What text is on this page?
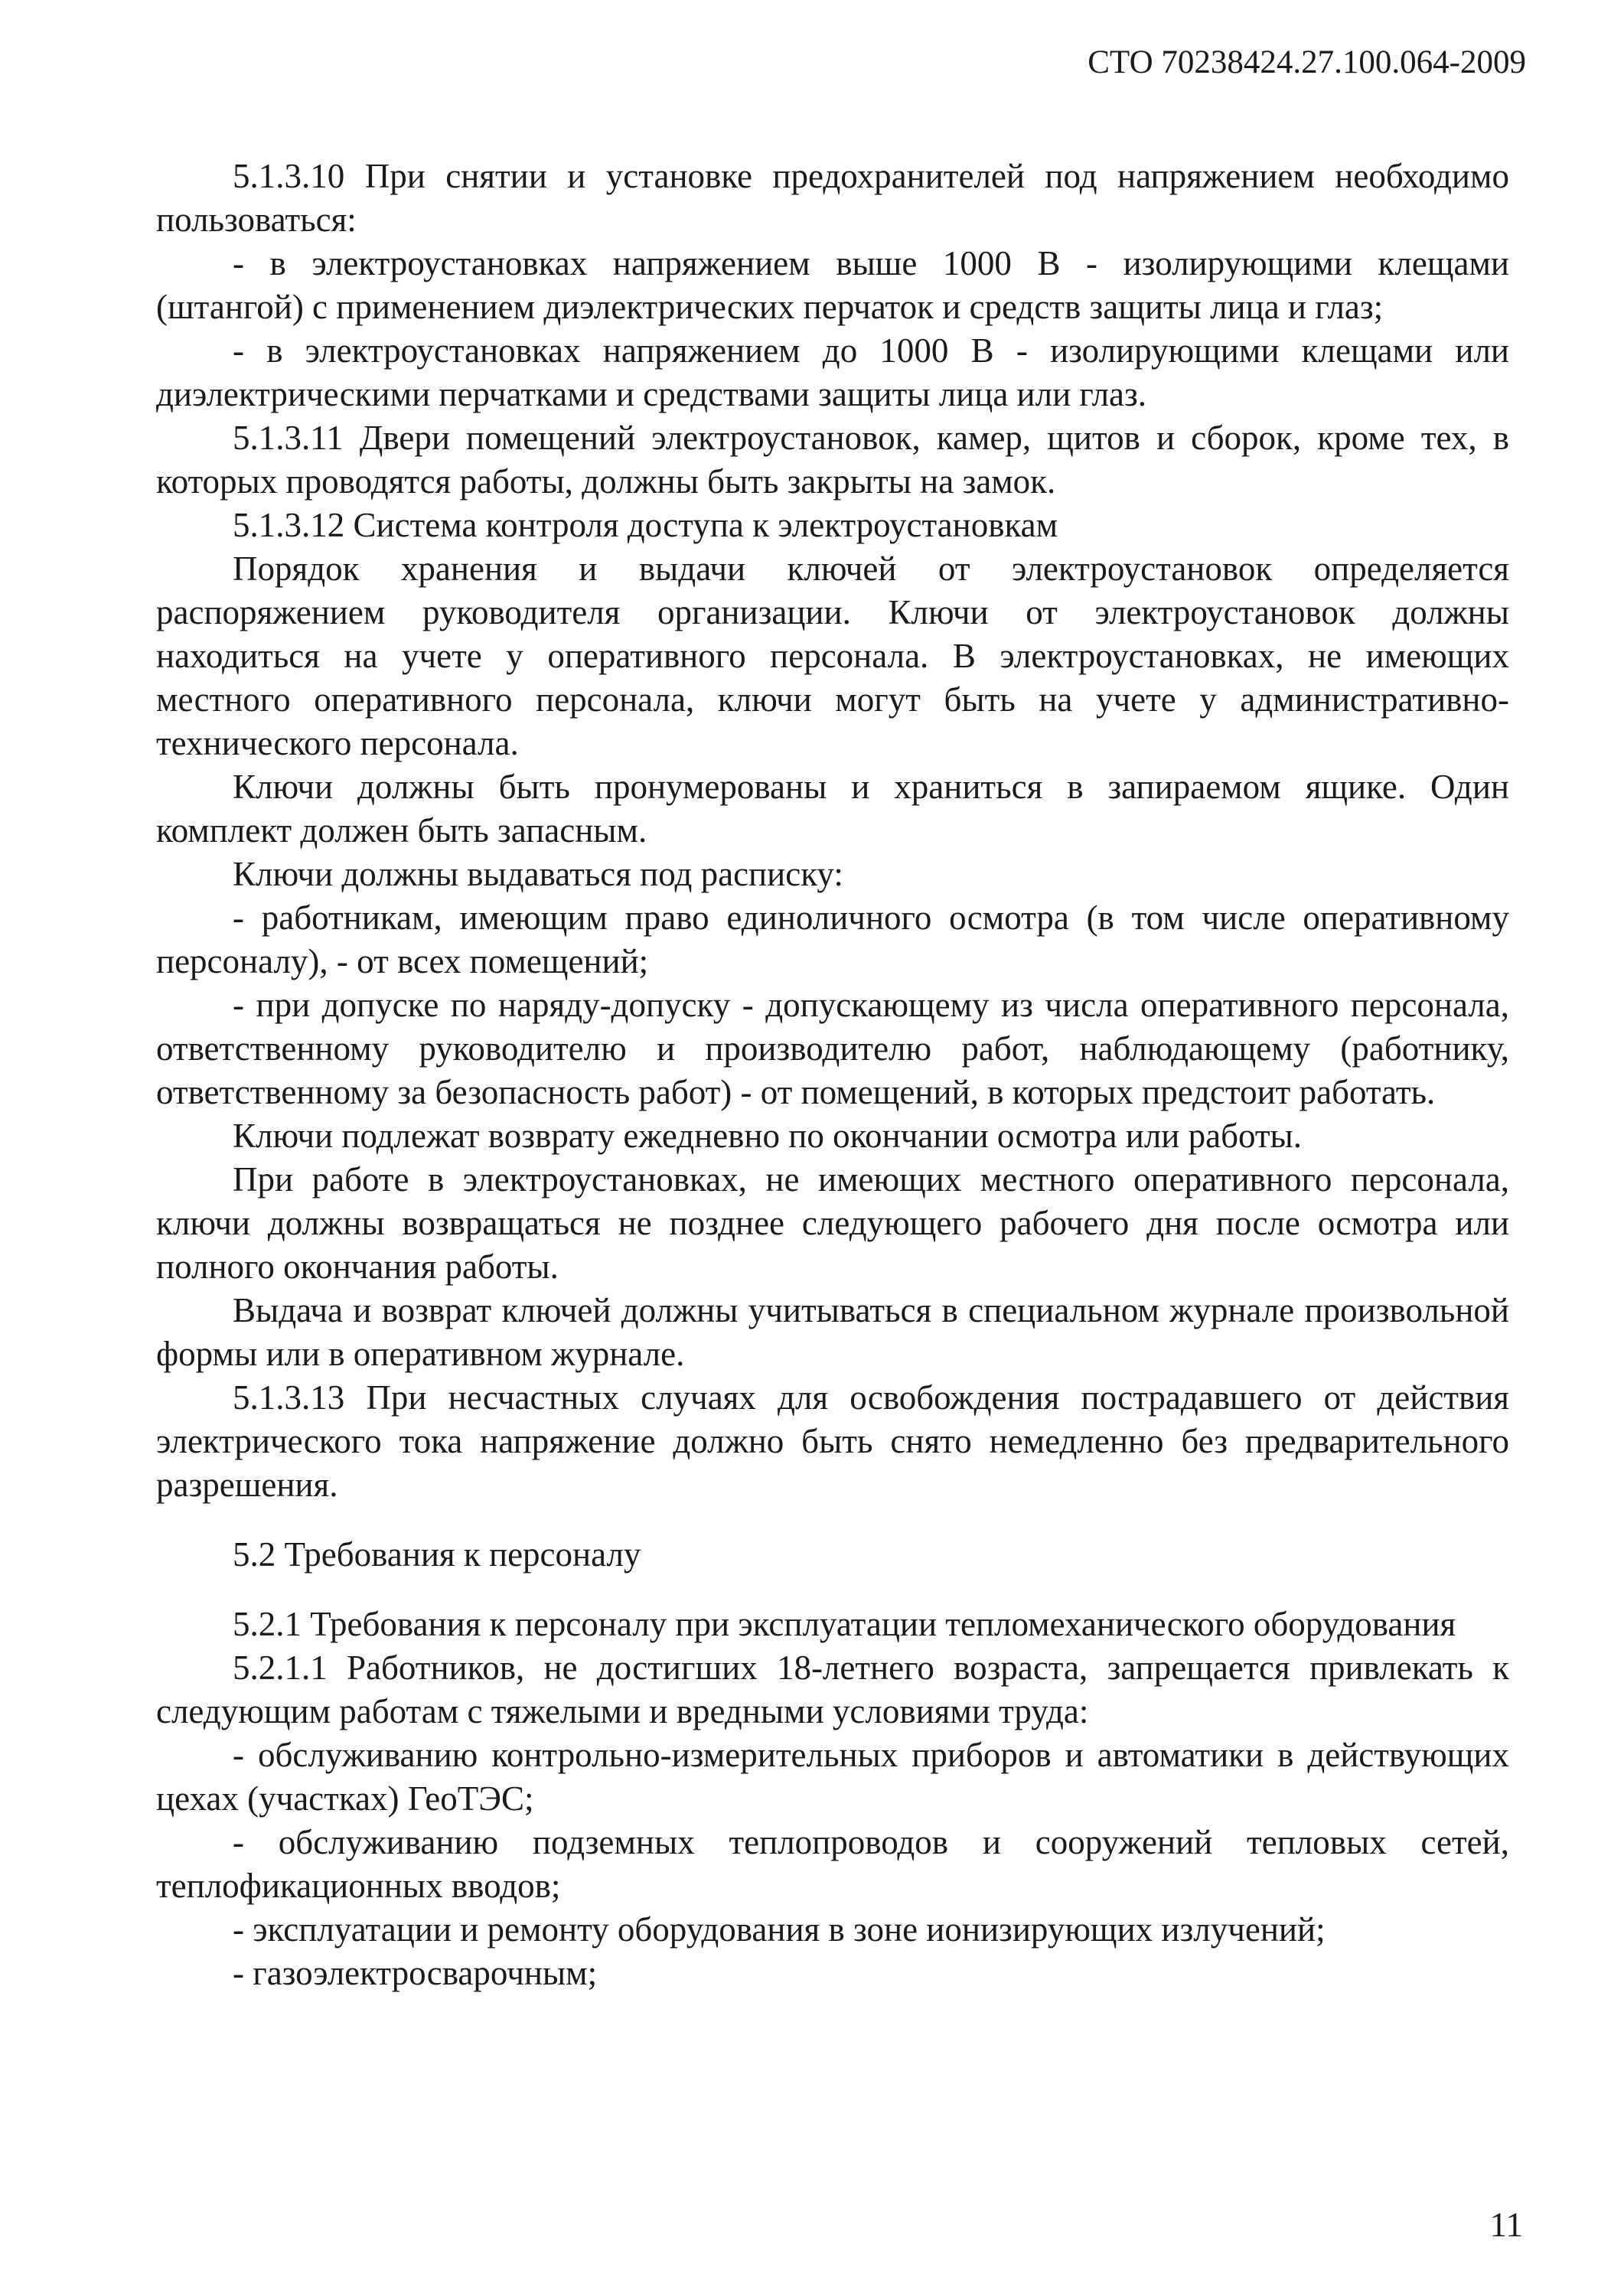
СТО 70238424.27.100.064-2009

5.1.3.10 При снятии и установке предохранителей под напряжением необходимо пользоваться:

- в электроустановках напряжением выше 1000 В - изолирующими клещами (штангой) с применением диэлектрических перчаток и средств защиты лица и глаз;

- в электроустановках напряжением до 1000 В - изолирующими клещами или диэлектрическими перчатками и средствами защиты лица или глаз.

5.1.3.11 Двери помещений электроустановок, камер, щитов и сборок, кроме тех, в которых проводятся работы, должны быть закрыты на замок.

5.1.3.12 Система контроля доступа к электроустановкам

Порядок хранения и выдачи ключей от электроустановок определяется распоряжением руководителя организации. Ключи от электроустановок должны находиться на учете у оперативного персонала. В электроустановках, не имеющих местного оперативного персонала, ключи могут быть на учете у административно-технического персонала.

Ключи должны быть пронумерованы и храниться в запираемом ящике. Один комплект должен быть запасным.

Ключи должны выдаваться под расписку:

- работникам, имеющим право единоличного осмотра (в том числе оперативному персоналу), - от всех помещений;

- при допуске по наряду-допуску - допускающему из числа оперативного персонала, ответственному руководителю и производителю работ, наблюдающему (работнику, ответственному за безопасность работ) - от помещений, в которых предстоит работать.

Ключи подлежат возврату ежедневно по окончании осмотра или работы.

При работе в электроустановках, не имеющих местного оперативного персонала, ключи должны возвращаться не позднее следующего рабочего дня после осмотра или полного окончания работы.

Выдача и возврат ключей должны учитываться в специальном журнале произвольной формы или в оперативном журнале.

5.1.3.13 При несчастных случаях для освобождения пострадавшего от действия электрического тока напряжение должно быть снято немедленно без предварительного разрешения.

5.2 Требования к персоналу

5.2.1 Требования к персоналу при эксплуатации тепломеханического оборудования

5.2.1.1 Работников, не достигших 18-летнего возраста, запрещается привлекать к следующим работам с тяжелыми и вредными условиями труда:

- обслуживанию контрольно-измерительных приборов и автоматики в действующих цехах (участках) ГеоТЭС;

- обслуживанию подземных теплопроводов и сооружений тепловых сетей, теплофикационных вводов;

- эксплуатации и ремонту оборудования в зоне ионизирующих излучений;

- газоэлектросварочным;

11
